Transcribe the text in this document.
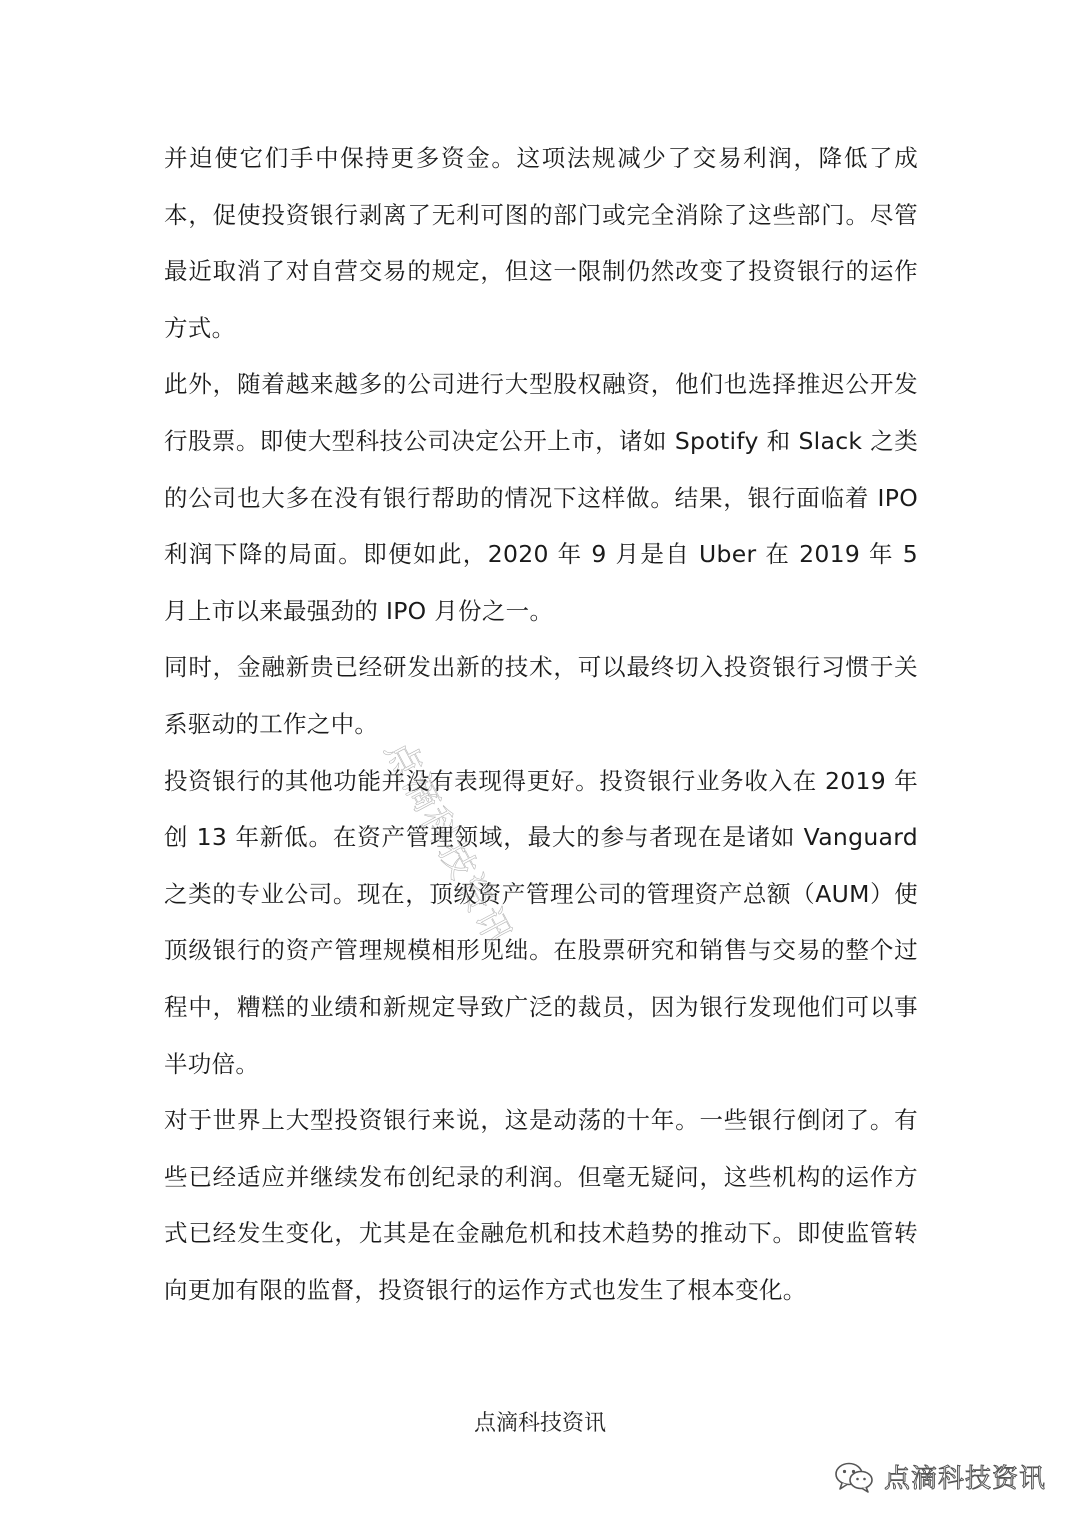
并迫使它们手中保持更多资金。这项法规减少了交易利润，降低了成本，促使投资银行剥离了无利可图的部门或完全消除了这些部门。尽管最近取消了对自营交易的规定，但这一限制仍然改变了投资银行的运作方式。

此外，随着越来越多的公司进行大型股权融资，他们也选择推迟公开发行股票。即使大型科技公司决定公开上市，诸如 Spotify 和 Slack 之类的公司也大多在没有银行帮助的情况下这样做。结果，银行面临着 IPO 利润下降的局面。即便如此，2020 年 9 月是自 Uber 在 2019 年 5 月上市以来最强劲的 IPO 月份之一。

同时，金融新贵已经研发出新的技术，可以最终切入投资银行习惯于关系驱动的工作之中。

投资银行的其他功能并没有表现得更好。投资银行业务收入在 2019 年创 13 年新低。在资产管理领域，最大的参与者现在是诸如 Vanguard 之类的专业公司。现在，顶级资产管理公司的管理资产总额（AUM）使顶级银行的资产管理规模相形见绌。在股票研究和销售与交易的整个过程中，糟糕的业绩和新规定导致广泛的裁员，因为银行发现他们可以事半功倍。

对于世界上大型投资银行来说，这是动荡的十年。一些银行倒闭了。有些已经适应并继续发布创纪录的利润。但毫无疑问，这些机构的运作方式已经发生变化，尤其是在金融危机和技术趋势的推动下。即使监管转向更加有限的监督，投资银行的运作方式也发生了根本变化。

点滴科技资讯
点滴科技资讯
点滴科技资讯
